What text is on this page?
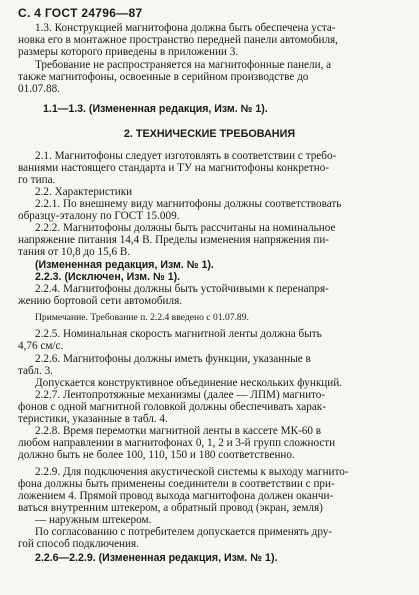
С. 4 ГОСТ 24796—87
1.3. Конструкцией магнитофона должна быть обеспечена уста-
новка его в монтажное пространство передней панели автомобиля,
размеры которого приведены в приложении 3.
Требование не распространяется на магнитофонные панели, а
также магнитофоны, освоенные в серийном производстве до
01.07.88.
1.1—1.3. (Измененная редакция, Изм. № 1).
2. ТЕХНИЧЕСКИЕ ТРЕБОВАНИЯ
2.1. Магнитофоны следует изготовлять в соответствии с требо-
ваниями настоящего стандарта и ТУ на магнитофоны конкретно-
го типа.
2.2. Характеристики
2.2.1. По внешнему виду магнитофоны должны соответствовать
образцу-эталону по ГОСТ 15.009.
2.2.2. Магнитофоны должны быть рассчитаны на номинальное
напряжение питания 14,4 В. Пределы изменения напряжения пи-
тания от 10,8 до 15,6 В.
(Измененная редакция, Изм. № 1).
2.2.3. (Исключен, Изм. № 1).
2.2.4. Магнитофоны должны быть устойчивыми к перенапря-
жению бортовой сети автомобиля.
Примечание. Требование п. 2.2.4 введено с 01.07.89.
2.2.5. Номинальная скорость магнитной ленты должна быть
4,76 см/с.
2.2.6. Магнитофоны должны иметь функции, указанные в
табл. 3.
Допускается конструктивное объединение нескольких функций.
2.2.7. Лентопротяжные механизмы (далее — ЛПМ) магнито-
фонов с одной магнитной головкой должны обеспечивать харак-
теристики, указанные в табл. 4.
2.2.8. Время перемотки магнитной ленты в кассете МК-60 в
любом направлении в магнитофонах 0, 1, 2 и 3-й групп сложности
должно быть не более 100, 110, 150 и 180 соответственно.
2.2.9. Для подключения акустической системы к выходу магнито-
фона должны быть применены соединители в соответствии с при-
ложением 4. Прямой провод выхода магнитофона должен оканчи-
ваться внутренним штекером, а обратный провод (экран, земля)
— наружным штекером.
По согласованию с потребителем допускается применять дру-
гой способ подключения.
2.2.6—2.2.9. (Измененная редакция, Изм. № 1).
